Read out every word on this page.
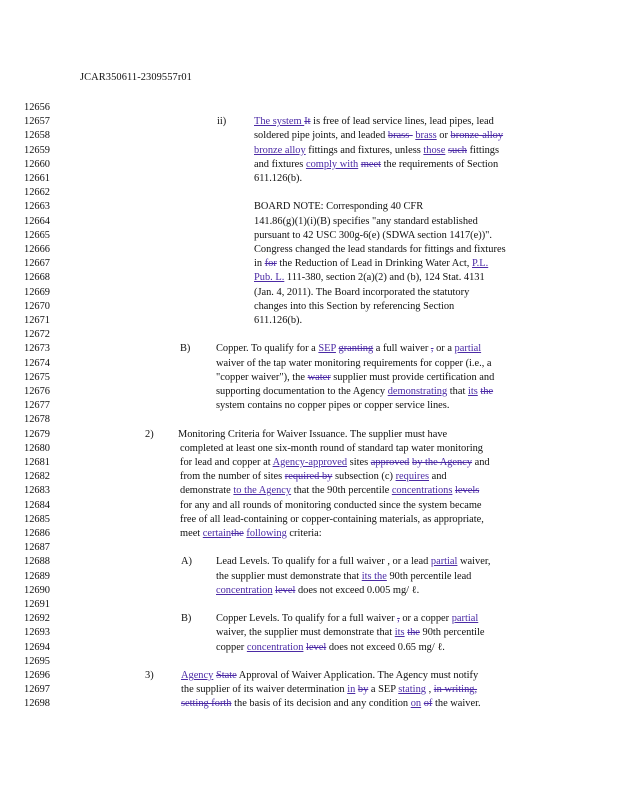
JCAR350611-2309557r01
12656
12657	ii)	The system It is free of lead service lines, lead pipes, lead
12658	soldered pipe joints, and leaded brass- brass or bronze-alloy
12659	bronze alloy fittings and fixtures, unless those such fittings
12660	and fixtures comply with meet the requirements of Section
12661	611.126(b).
12662
12663	BOARD NOTE: Corresponding 40 CFR
12664	141.86(g)(1)(i)(B) specifies "any standard established
12665	pursuant to 42 USC 300g-6(e) (SDWA section 1417(e))".
12666	Congress changed the lead standards for fittings and fixtures
12667	in for the Reduction of Lead in Drinking Water Act, P.L.
12668	Pub. L. 111-380, section 2(a)(2) and (b), 124 Stat. 4131
12669	(Jan. 4, 2011). The Board incorporated the statutory
12670	changes into this Section by referencing Section
12671	611.126(b).
12672
12673	B) Copper. To qualify for a SEP granting a full waiver , or a partial
12674	waiver of the tap water monitoring requirements for copper (i.e., a
12675	"copper waiver"), the water supplier must provide certification and
12676	supporting documentation to the Agency demonstrating that its the
12677	system contains no copper pipes or copper service lines.
12678
12679	2) Monitoring Criteria for Waiver Issuance. The supplier must have
12680	completed at least one six-month round of standard tap water monitoring
12681	for lead and copper at Agency-approved sites approved by the Agency and
12682	from the number of sites required by subsection (c) requires and
12683	demonstrate to the Agency that the 90th percentile concentrations levels
12684	for any and all rounds of monitoring conducted since the system became
12685	free of all lead-containing or copper-containing materials, as appropriate,
12686	meet certainthe following criteria:
12687
12688	A) Lead Levels. To qualify for a full waiver , or a lead partial waiver,
12689	the supplier must demonstrate that its the 90th percentile lead
12690	concentration level does not exceed 0.005 mg/ ℓ.
12691
12692	B) Copper Levels. To qualify for a full waiver , or a copper partial
12693	waiver, the supplier must demonstrate that its the 90th percentile
12694	copper concentration level does not exceed 0.65 mg/ ℓ.
12695
12696	3)	Agency State Approval of Waiver Application. The Agency must notify
12697	the supplier of its waiver determination in by a SEP stating , in writing,
12698	setting forth the basis of its decision and any condition on of the waiver.
